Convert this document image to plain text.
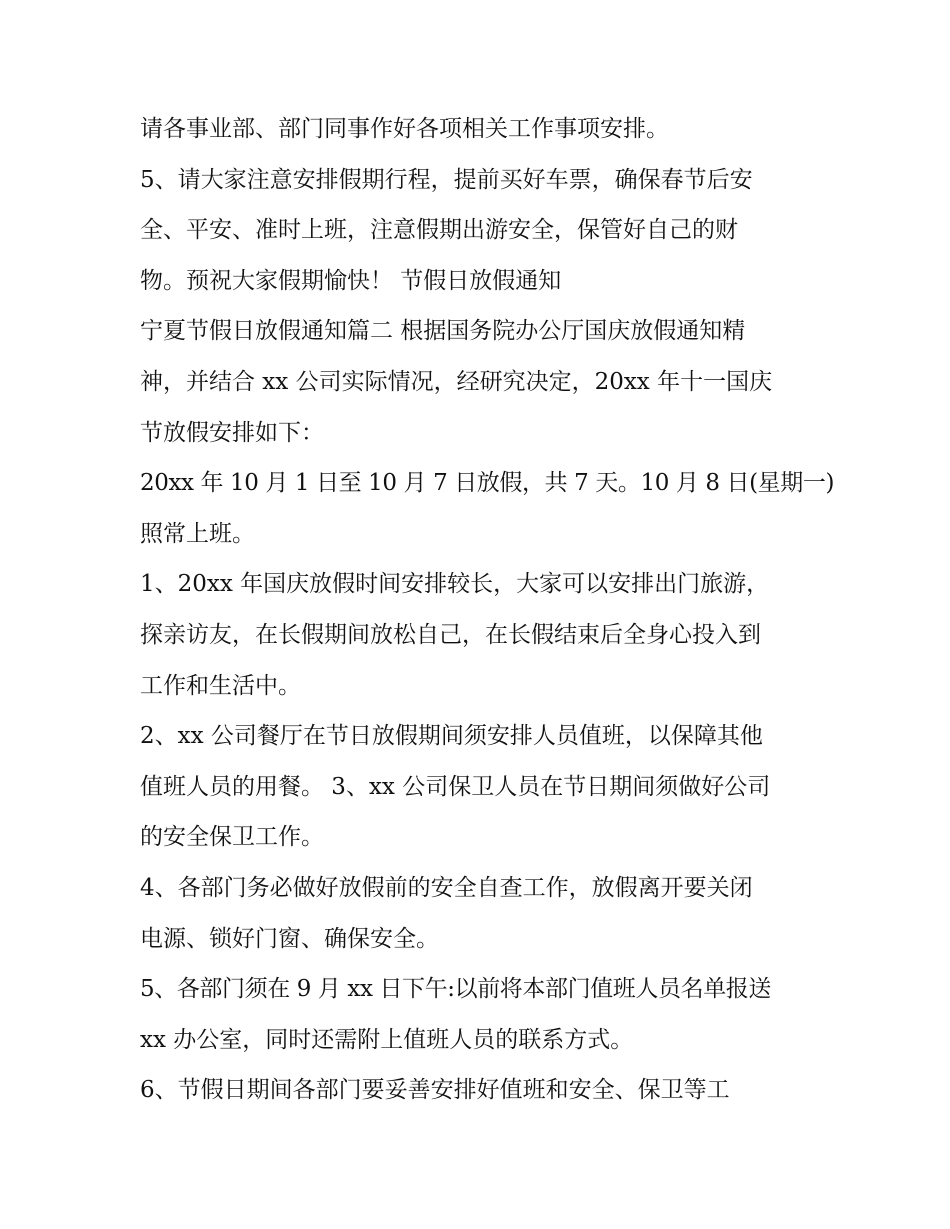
请各事业部、部门同事作好各项相关工作事项安排。
5、请大家注意安排假期行程，提前买好车票，确保春节后安
全、平安、准时上班，注意假期出游安全，保管好自己的财
物。预祝大家假期愉快！ 节假日放假通知
宁夏节假日放假通知篇二 根据国务院办公厅国庆放假通知精
神，并结合 xx 公司实际情况，经研究决定，20xx 年十一国庆
节放假安排如下：
20xx 年 10 月 1 日至 10 月 7 日放假，共 7 天。10 月 8 日(星期一)
照常上班。
1、20xx 年国庆放假时间安排较长，大家可以安排出门旅游，
探亲访友，在长假期间放松自己，在长假结束后全身心投入到
工作和生活中。
2、xx 公司餐厅在节日放假期间须安排人员值班，以保障其他
值班人员的用餐。 3、xx 公司保卫人员在节日期间须做好公司
的安全保卫工作。
4、各部门务必做好放假前的安全自查工作，放假离开要关闭
电源、锁好门窗、确保安全。
5、各部门须在 9 月 xx 日下午:以前将本部门值班人员名单报送
xx 办公室，同时还需附上值班人员的联系方式。
6、节假日期间各部门要妥善安排好值班和安全、保卫等工
